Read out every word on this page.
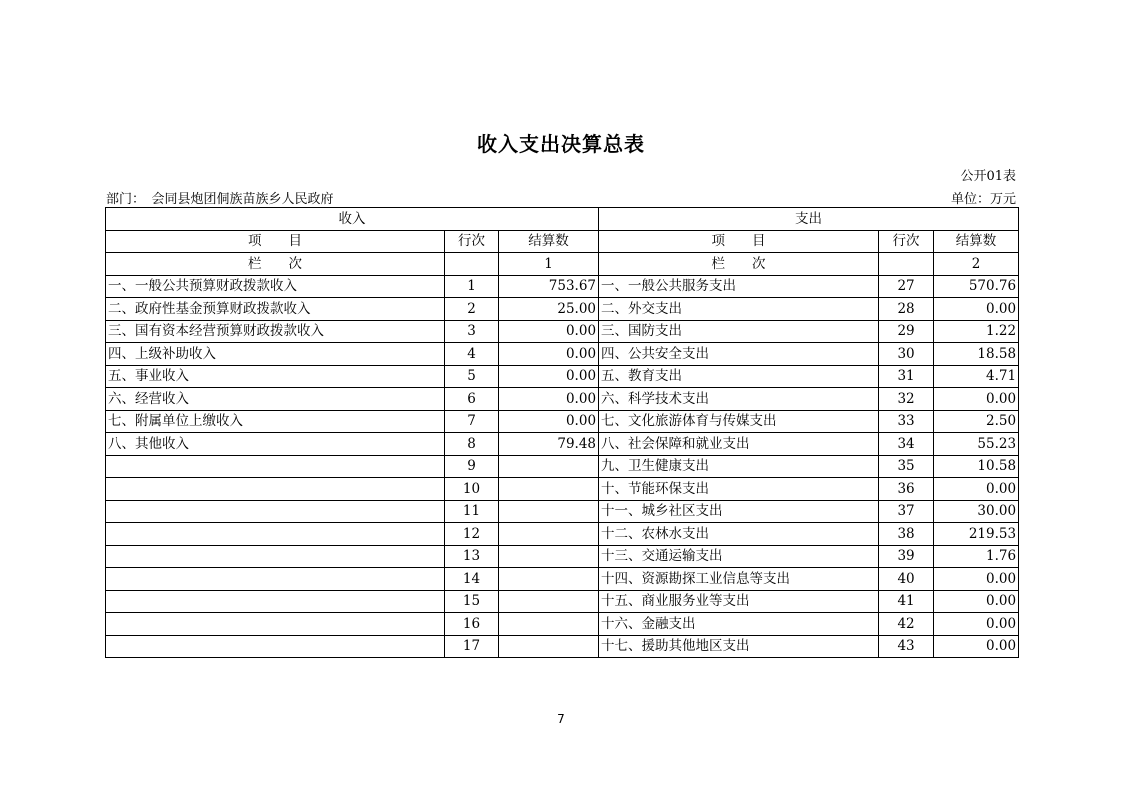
收入支出决算总表
公开01表
部门：　会同县炮团侗族苗族乡人民政府	单位：万元
收入			支出		
项　　目	行次	结算数	项　　目	行次	结算数
栏　　次		1	栏　　次		2
一、一般公共预算财政拨款收入	1	753.67	一、一般公共服务支出	27	570.76
二、政府性基金预算财政拨款收入	2	25.00	二、外交支出	28	0.00
三、国有资本经营预算财政拨款收入	3	0.00	三、国防支出	29	1.22
四、上级补助收入	4	0.00	四、公共安全支出	30	18.58
五、事业收入	5	0.00	五、教育支出	31	4.71
六、经营收入	6	0.00	六、科学技术支出	32	0.00
七、附属单位上缴收入	7	0.00	七、文化旅游体育与传媒支出	33	2.50
八、其他收入	8	79.48	八、社会保障和就业支出	34	55.23
	9		九、卫生健康支出	35	10.58
	10		十、节能环保支出	36	0.00
	11		十一、城乡社区支出	37	30.00
	12		十二、农林水支出	38	219.53
	13		十三、交通运输支出	39	1.76
	14		十四、资源勘探工业信息等支出	40	0.00
	15		十五、商业服务业等支出	41	0.00
	16		十六、金融支出	42	0.00
	17		十七、援助其他地区支出	43	0.00
7
